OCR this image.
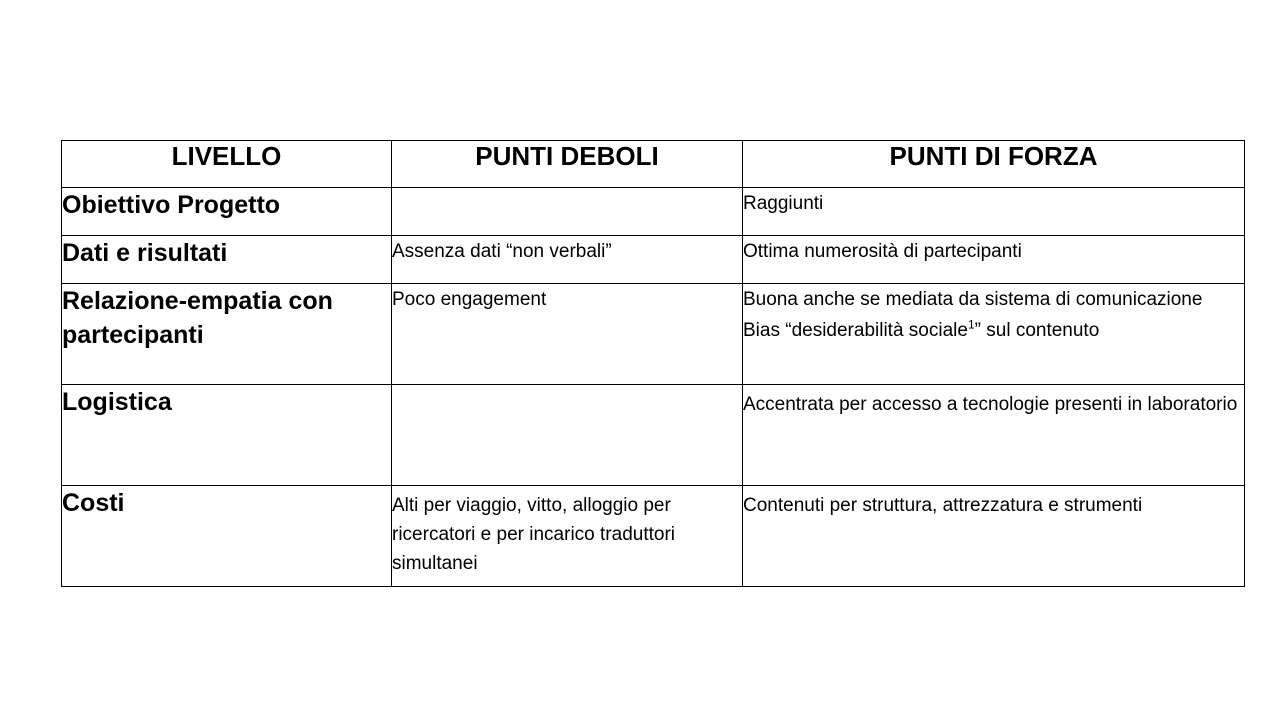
LIVELLO	PUNTI DEBOLI	PUNTI DI FORZA
Obiettivo Progetto		Raggiunti
Dati e risultati	Assenza dati “non verbali”	Ottima numerosità di partecipanti
Relazione-empatia con partecipanti	Poco engagement	Buona anche se mediata da sistema di comunicazione
Bias “desiderabilità sociale$^1$” sul contenuto

Logistica		Accentrata per accesso a tecnologie presenti in laboratorio
Costi	Alti per viaggio, vitto, alloggio per ricercatori e per incarico traduttori simultanei	Contenuti per struttura, attrezzatura e strumenti
